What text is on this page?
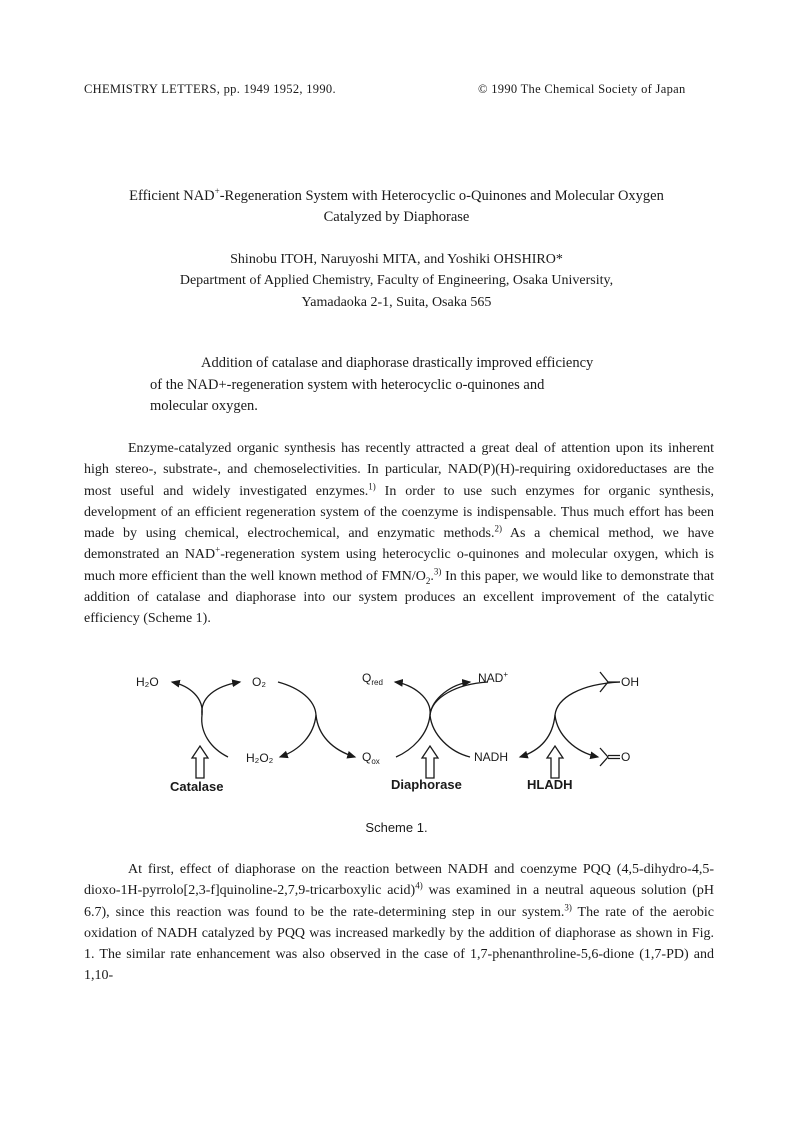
CHEMISTRY LETTERS, pp. 1949 1952, 1990.	© 1990 The Chemical Society of Japan
Efficient NAD+-Regeneration System with Heterocyclic o-Quinones and Molecular Oxygen
Catalyzed by Diaphorase
Shinobu ITOH, Naruyoshi MITA, and Yoshiki OHSHIRO*
Department of Applied Chemistry, Faculty of Engineering, Osaka University,
Yamadaoka 2-1, Suita, Osaka 565

Addition of catalase and diaphorase drastically improved efficiency

of the NAD+-regeneration system with heterocyclic o-quinones and

molecular oxygen.

Enzyme-catalyzed organic synthesis has recently attracted a great deal of attention upon its inherent high stereo-, substrate-, and chemoselectivities. In particular, NAD(P)(H)-requiring oxidoreductases are the most useful and widely investigated enzymes.$^{1)}$ In order to use such enzymes for organic synthesis, development of an efficient regeneration system of the coenzyme is indispensable. Thus much effort has been made by using chemical, electrochemical, and enzymatic methods.$^{2)}$ As a chemical method, we have demonstrated an NAD+-regeneration system using heterocyclic o-quinones and molecular oxygen, which is much more efficient than the well known method of FMN/$O_2.^{3)}$ In this paper, we would like to demonstrate that addition of catalase and diaphorase into our system produces an excellent improvement of the catalytic efficiency (Scheme 1).

H₂O	O₂
H₂O₂
$Q_{red}$
$Q_{ox}$
NAD+
NADH
OH
O
Catalase	Diaphorase	HLADH
Scheme 1.

At first, effect of diaphorase on the reaction between NADH and coenzyme PQQ (4,5-dihydro-4,5-dioxo-1H-pyrrolo[2,3-f]quinoline-2,7,9-tricarboxylic acid)$^{4)}$ was examined in a neutral aqueous solution (pH 6.7), since this reaction was found to be the rate-determining step in our system.$^{3)}$ The rate of the aerobic oxidation of NADH catalyzed by PQQ was increased markedly by the addition of diaphorase as shown in Fig. 1. The similar rate enhancement was also observed in the case of 1,7-phenanthroline-5,6-dione (1,7-PD) and 1,10-
